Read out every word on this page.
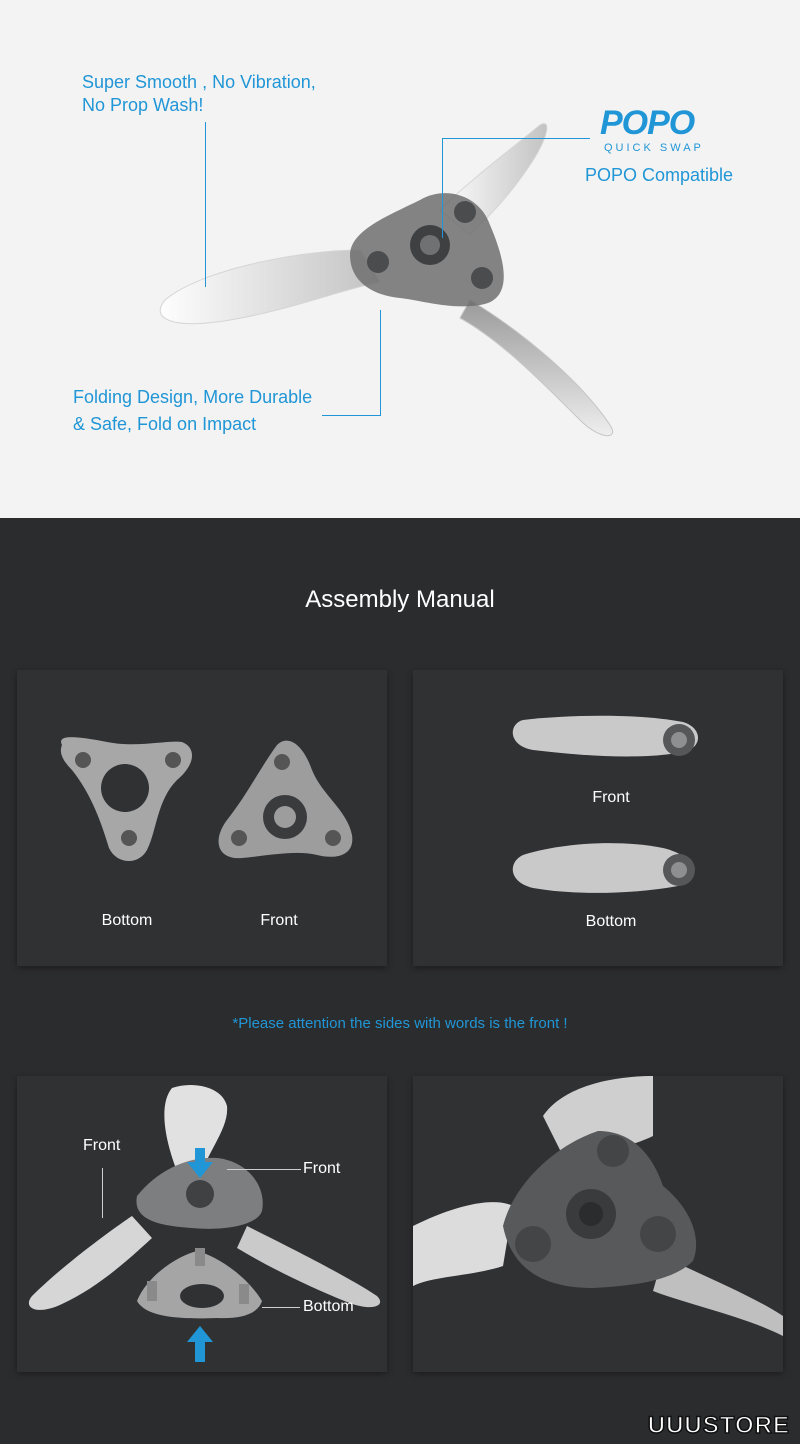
Super Smooth , No Vibration,
No Prop Wash!	POPO
QUICK SWAP
POPO Compatible
Folding Design, More Durable
& Safe, Fold on Impact
Assembly Manual
Bottom	Front
Front
Bottom
*Please attention the sides with words is the front !
Front
Front
Bottom
UUUSTORE
